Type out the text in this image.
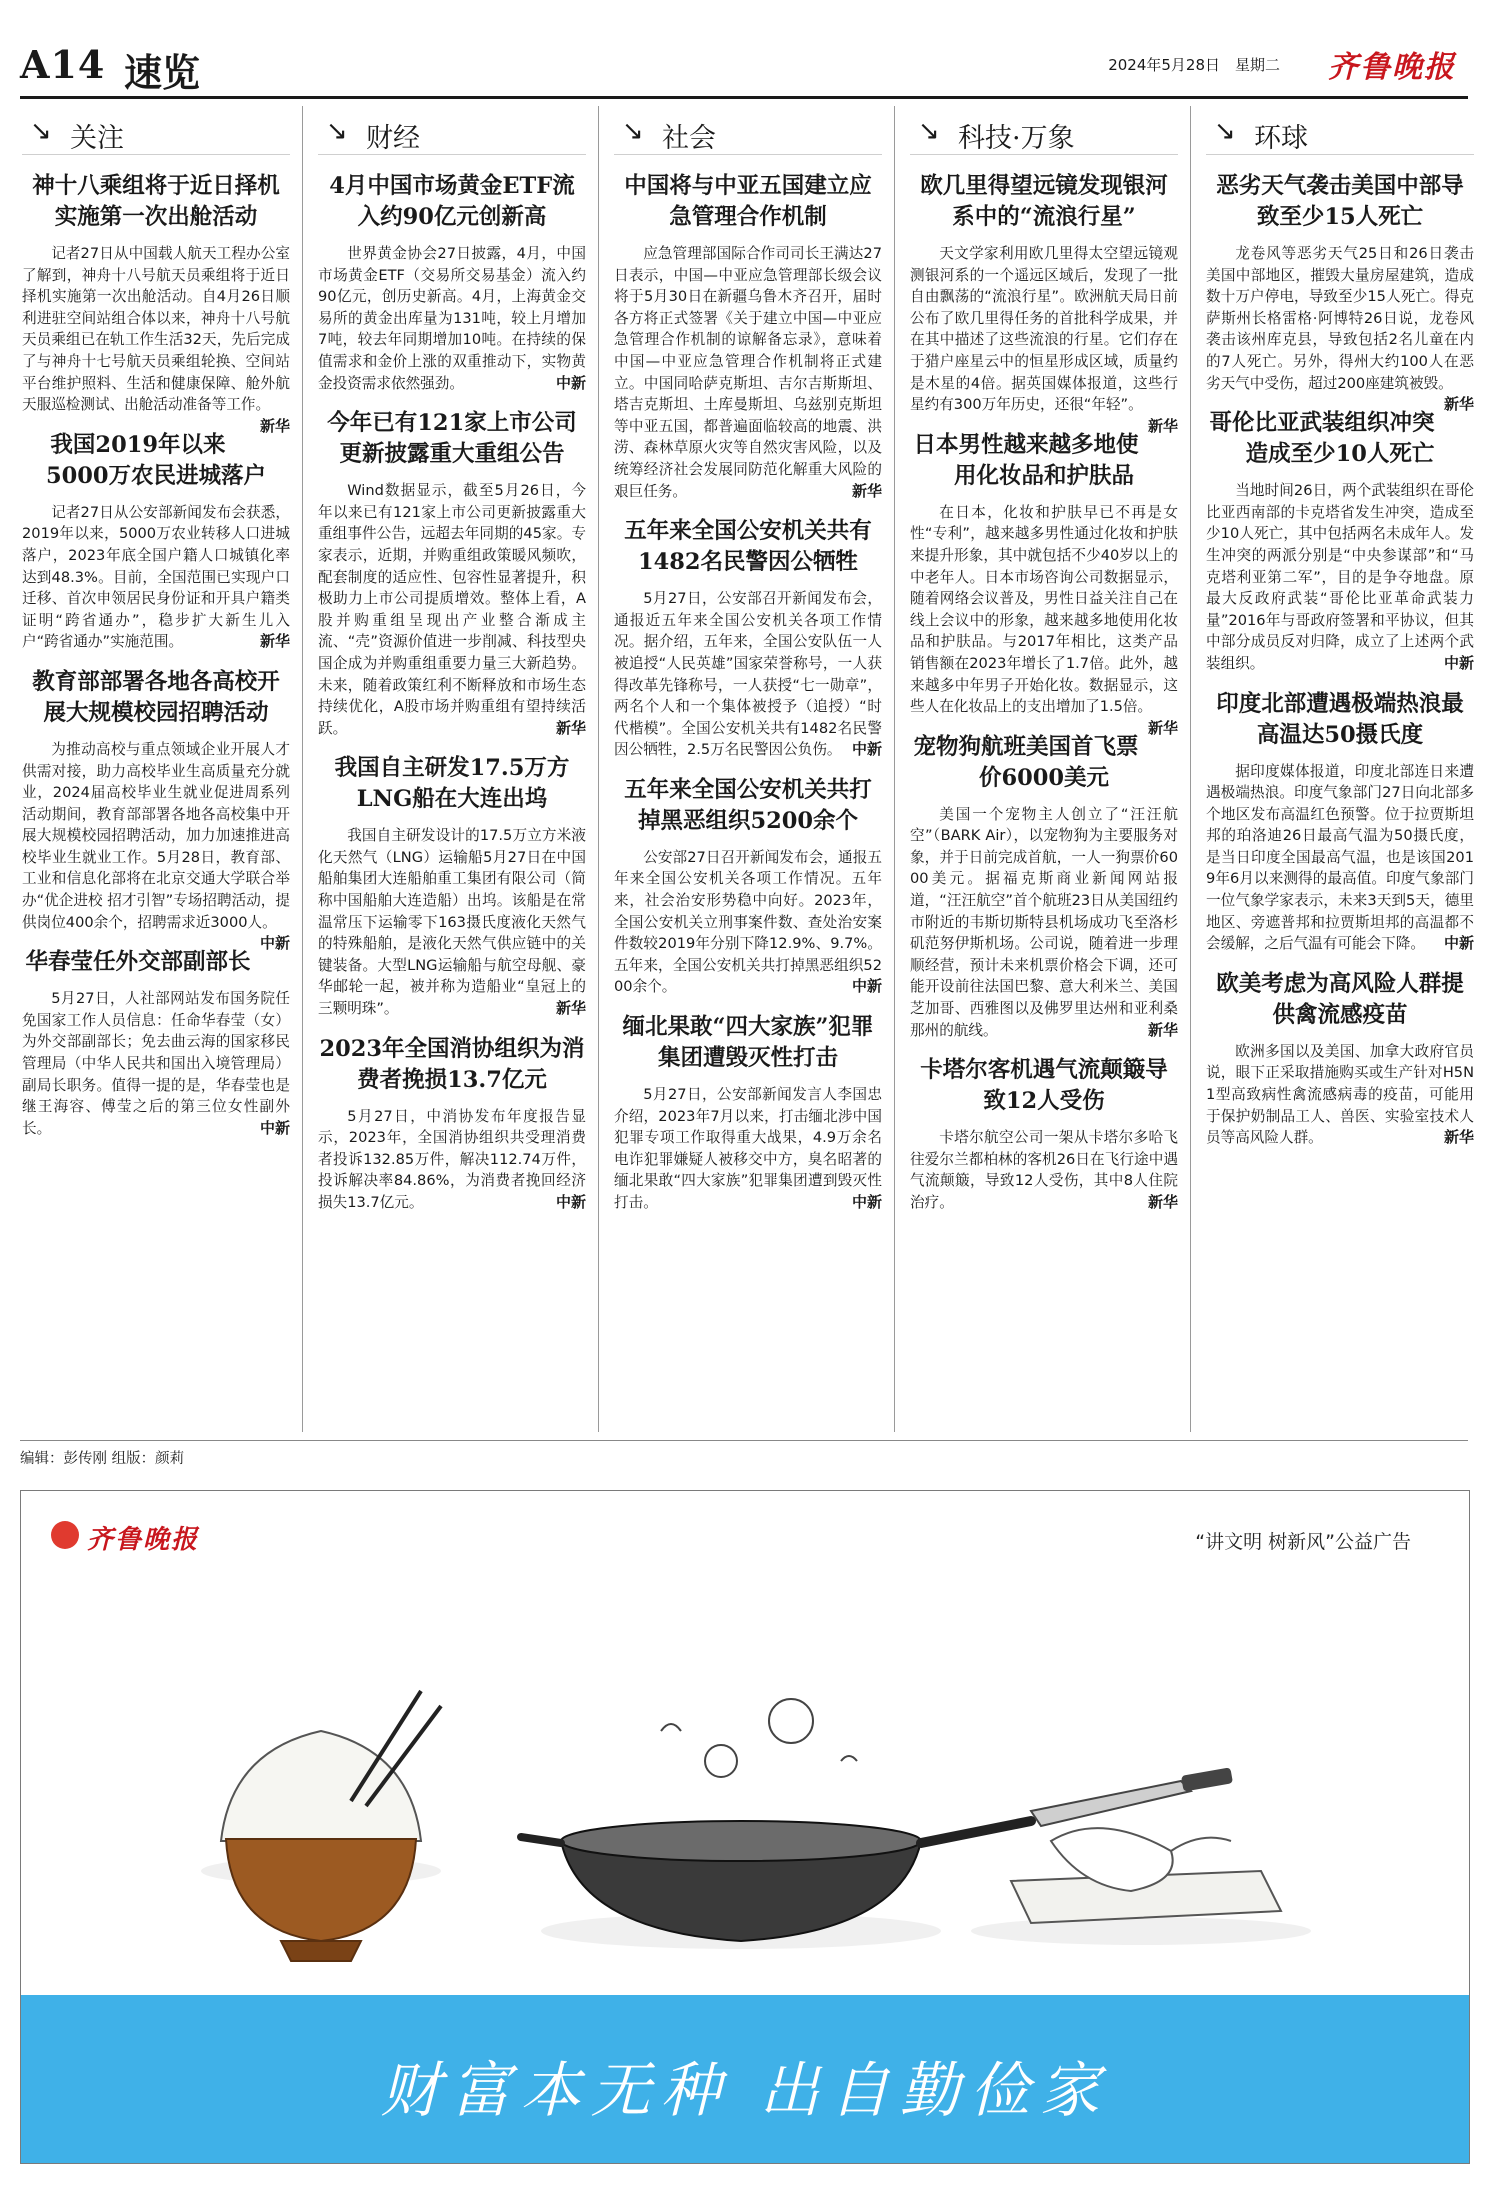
A14 速览	2024年5月28日 星期二 齐鲁晚报
↘ 关注
神十八乘组将于近日择机实施第一次出舱活动

记者27日从中国载人航天工程办公室了解到，神舟十八号航天员乘组将于近日择机实施第一次出舱活动。自4月26日顺利进驻空间站组合体以来，神舟十八号航天员乘组已在轨工作生活32天，先后完成了与神舟十七号航天员乘组轮换、空间站平台维护照料、生活和健康保障、舱外航天服巡检测试、出舱活动准备等工作。
新华

我国2019年以来5000万农民进城落户

记者27日从公安部新闻发布会获悉，2019年以来，5000万农业转移人口进城落户，2023年底全国户籍人口城镇化率达到48.3%。目前，全国范围已实现户口迁移、首次申领居民身份证和开具户籍类证明“跨省通办”，稳步扩大新生儿入户“跨省通办”实施范围。	新华

教育部部署各地各高校开展大规模校园招聘活动

为推动高校与重点领域企业开展人才供需对接，助力高校毕业生高质量充分就业，2024届高校毕业生就业促进周系列活动期间，教育部部署各地各高校集中开展大规模校园招聘活动，加力加速推进高校毕业生就业工作。5月28日，教育部、工业和信息化部将在北京交通大学联合举办“优企进校 招才引智”专场招聘活动，提供岗位400余个，招聘需求近3000人。
中新

华春莹任外交部副部长

5月27日，人社部网站发布国务院任免国家工作人员信息：任命华春莹（女）为外交部副部长；免去曲云海的国家移民管理局（中华人民共和国出入境管理局）副局长职务。值得一提的是，华春莹也是继王海容、傅莹之后的第三位女性副外长。	中新

↘ 财经
4月中国市场黄金ETF流入约90亿元创新高

世界黄金协会27日披露，4月，中国市场黄金ETF（交易所交易基金）流入约90亿元，创历史新高。4月，上海黄金交易所的黄金出库量为131吨，较上月增加7吨，较去年同期增加10吨。在持续的保值需求和金价上涨的双重推动下，实物黄金投资需求依然强劲。	中新

今年已有121家上市公司更新披露重大重组公告

Wind数据显示，截至5月26日，今年以来已有121家上市公司更新披露重大重组事件公告，远超去年同期的45家。专家表示，近期，并购重组政策暖风频吹，配套制度的适应性、包容性显著提升，积极助力上市公司提质增效。整体上看，A股并购重组呈现出产业整合渐成主流、“壳”资源价值进一步削减、科技型央国企成为并购重组重要力量三大新趋势。未来，随着政策红利不断释放和市场生态持续优化，A股市场并购重组有望持续活跃。	新华

我国自主研发17.5万方LNG船在大连出坞

我国自主研发设计的17.5万立方米液化天然气（LNG）运输船5月27日在中国船舶集团大连船舶重工集团有限公司（简称中国船舶大连造船）出坞。该船是在常温常压下运输零下163摄氏度液化天然气的特殊船舶，是液化天然气供应链中的关键装备。大型LNG运输船与航空母舰、豪华邮轮一起，被并称为造船业“皇冠上的三颗明珠”。	新华

2023年全国消协组织为消费者挽损13.7亿元

5月27日，中消协发布年度报告显示，2023年，全国消协组织共受理消费者投诉132.85万件，解决112.74万件，投诉解决率84.86%，为消费者挽回经济损失13.7亿元。	中新

↘ 社会
中国将与中亚五国建立应急管理合作机制

应急管理部国际合作司司长王满达27日表示，中国—中亚应急管理部长级会议将于5月30日在新疆乌鲁木齐召开，届时各方将正式签署《关于建立中国—中亚应急管理合作机制的谅解备忘录》，意味着中国—中亚应急管理合作机制将正式建立。中国同哈萨克斯坦、吉尔吉斯斯坦、塔吉克斯坦、土库曼斯坦、乌兹别克斯坦等中亚五国，都普遍面临较高的地震、洪涝、森林草原火灾等自然灾害风险，以及统筹经济社会发展同防范化解重大风险的艰巨任务。	新华

五年来全国公安机关共有1482名民警因公牺牲

5月27日，公安部召开新闻发布会，通报近五年来全国公安机关各项工作情况。据介绍，五年来，全国公安队伍一人被追授“人民英雄”国家荣誉称号，一人获得改革先锋称号，一人获授“七一勋章”，两名个人和一个集体被授予（追授）“时代楷模”。全国公安机关共有1482名民警因公牺牲，2.5万名民警因公负伤。 中新

五年来全国公安机关共打掉黑恶组织5200余个

公安部27日召开新闻发布会，通报五年来全国公安机关各项工作情况。五年来，社会治安形势稳中向好。2023年，全国公安机关立刑事案件数、查处治安案件数较2019年分别下降12.9%、9.7%。五年来，全国公安机关共打掉黑恶组织5200余个。	中新

缅北果敢“四大家族”犯罪集团遭毁灭性打击

5月27日，公安部新闻发言人李国忠介绍，2023年7月以来，打击缅北涉中国犯罪专项工作取得重大战果，4.9万余名电诈犯罪嫌疑人被移交中方，臭名昭著的缅北果敢“四大家族”犯罪集团遭到毁灭性打击。	中新

↘ 科技·万象
欧几里得望远镜发现银河系中的“流浪行星”

天文学家利用欧几里得太空望远镜观测银河系的一个遥远区域后，发现了一批自由飘荡的“流浪行星”。欧洲航天局日前公布了欧几里得任务的首批科学成果，并在其中描述了这些流浪的行星。它们存在于猎户座星云中的恒星形成区域，质量约是木星的4倍。据英国媒体报道，这些行星约有300万年历史，还很“年轻”。
新华

日本男性越来越多地使用化妆品和护肤品

在日本，化妆和护肤早已不再是女性“专利”，越来越多男性通过化妆和护肤来提升形象，其中就包括不少40岁以上的中老年人。日本市场咨询公司数据显示，随着网络会议普及，男性日益关注自己在线上会议中的形象，越来越多地使用化妆品和护肤品。与2017年相比，这类产品销售额在2023年增长了1.7倍。此外，越来越多中年男子开始化妆。数据显示，这些人在化妆品上的支出增加了1.5倍。
新华

宠物狗航班美国首飞票价6000美元

美国一个宠物主人创立了“汪汪航空”（BARK Air），以宠物狗为主要服务对象，并于日前完成首航，一人一狗票价6000美元。据福克斯商业新闻网站报道，“汪汪航空”首个航班23日从美国纽约市附近的韦斯切斯特县机场成功飞至洛杉矶范努伊斯机场。公司说，随着进一步理顺经营，预计未来机票价格会下调，还可能开设前往法国巴黎、意大利米兰、美国芝加哥、西雅图以及佛罗里达州和亚利桑那州的航线。	新华

卡塔尔客机遇气流颠簸导致12人受伤

卡塔尔航空公司一架从卡塔尔多哈飞往爱尔兰都柏林的客机26日在飞行途中遇气流颠簸，导致12人受伤，其中8人住院治疗。	新华

↘ 环球
恶劣天气袭击美国中部导致至少15人死亡

龙卷风等恶劣天气25日和26日袭击美国中部地区，摧毁大量房屋建筑，造成数十万户停电，导致至少15人死亡。得克萨斯州长格雷格·阿博特26日说，龙卷风袭击该州库克县，导致包括2名儿童在内的7人死亡。另外，得州大约100人在恶劣天气中受伤，超过200座建筑被毁。
新华

哥伦比亚武装组织冲突造成至少10人死亡

当地时间26日，两个武装组织在哥伦比亚西南部的卡克塔省发生冲突，造成至少10人死亡，其中包括两名未成年人。发生冲突的两派分别是“中央参谋部”和“马克塔利亚第二军”，目的是争夺地盘。原最大反政府武装“哥伦比亚革命武装力量”2016年与哥政府签署和平协议，但其中部分成员反对归降，成立了上述两个武装组织。	中新

印度北部遭遇极端热浪最高温达50摄氏度

据印度媒体报道，印度北部连日来遭遇极端热浪。印度气象部门27日向北部多个地区发布高温红色预警。位于拉贾斯坦邦的珀洛迪26日最高气温为50摄氏度，是当日印度全国最高气温，也是该国2019年6月以来测得的最高值。印度气象部门一位气象学家表示，未来3天到5天，德里地区、旁遮普邦和拉贾斯坦邦的高温都不会缓解，之后气温有可能会下降。 中新

欧美考虑为高风险人群提供禽流感疫苗

欧洲多国以及美国、加拿大政府官员说，眼下正采取措施购买或生产针对H5N1型高致病性禽流感病毒的疫苗，可能用于保护奶制品工人、兽医、实验室技术人员等高风险人群。	新华

编辑：彭传刚 组版：颜莉
齐鲁晚报	“讲文明 树新风”公益广告
财富本无种 出自勤俭家
